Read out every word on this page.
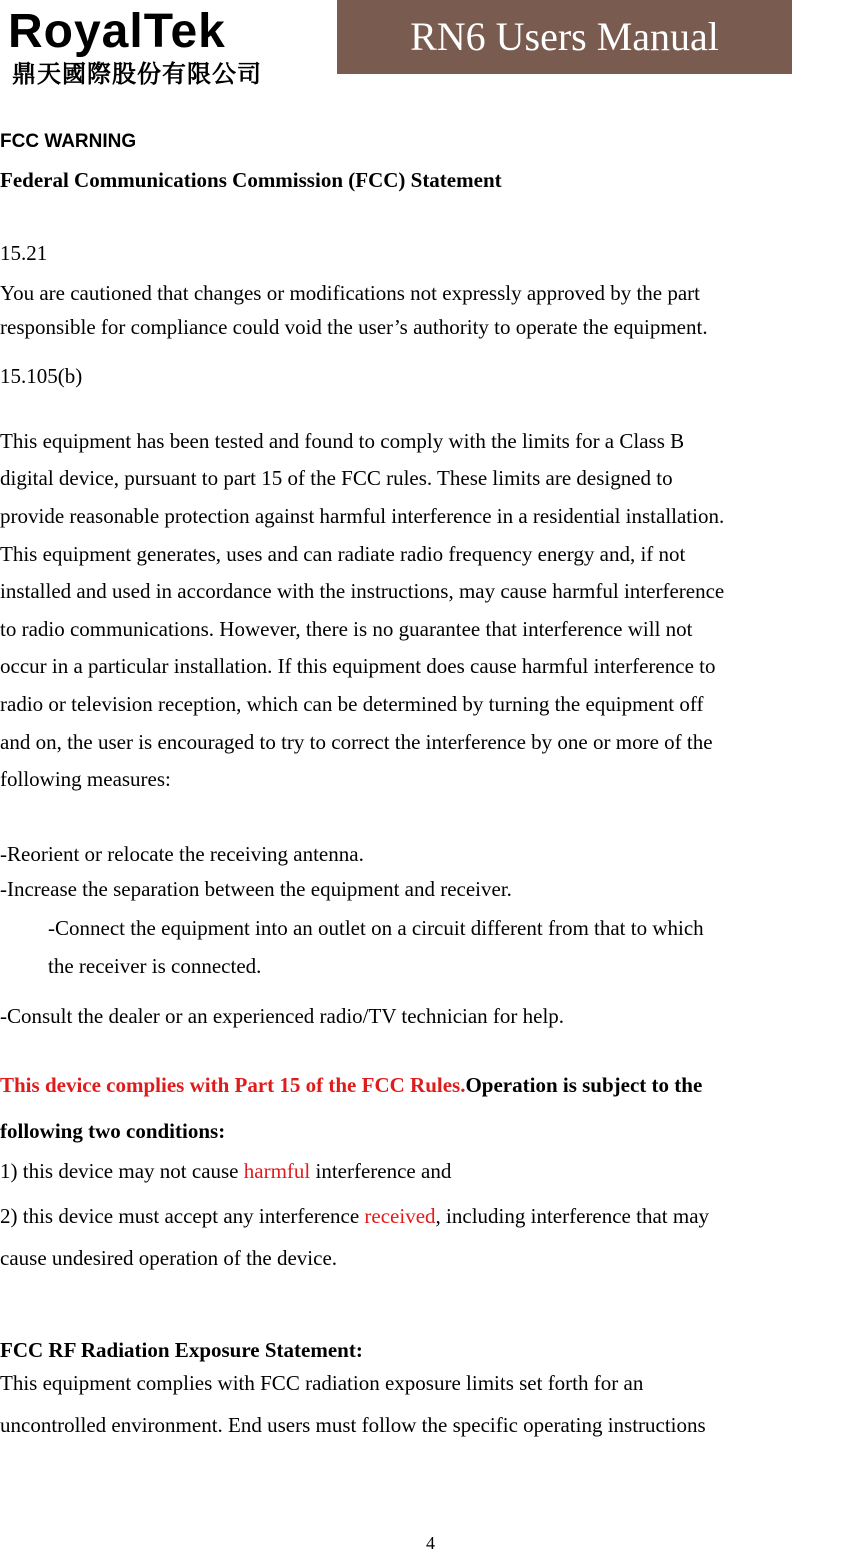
RoyalTek
鼎天國際股份有限公司
RN6 Users Manual
FCC WARNING
Federal Communications Commission (FCC) Statement
15.21
You are cautioned that changes or modifications not expressly approved by the part
responsible for compliance could void the user’s authority to operate the equipment.
15.105(b)
This equipment has been tested and found to comply with the limits for a Class B
digital device, pursuant to part 15 of the FCC rules. These limits are designed to
provide reasonable protection against harmful interference in a residential installation.
This equipment generates, uses and can radiate radio frequency energy and, if not
installed and used in accordance with the instructions, may cause harmful interference
to radio communications. However, there is no guarantee that interference will not
occur in a particular installation. If this equipment does cause harmful interference to
radio or television reception, which can be determined by turning the equipment off
and on, the user is encouraged to try to correct the interference by one or more of the
following measures:
-Reorient or relocate the receiving antenna.
-Increase the separation between the equipment and receiver.
-Connect the equipment into an outlet on a circuit different from that to which
the receiver is connected.
-Consult the dealer or an experienced radio/TV technician for help.
This device complies with Part 15 of the FCC Rules.Operation is subject to the
following two conditions:
1) this device may not cause harmful interference and
2) this device must accept any interference received, including interference that may
cause undesired operation of the device.
FCC RF Radiation Exposure Statement:
This equipment complies with FCC radiation exposure limits set forth for an
uncontrolled environment. End users must follow the specific operating instructions
4
